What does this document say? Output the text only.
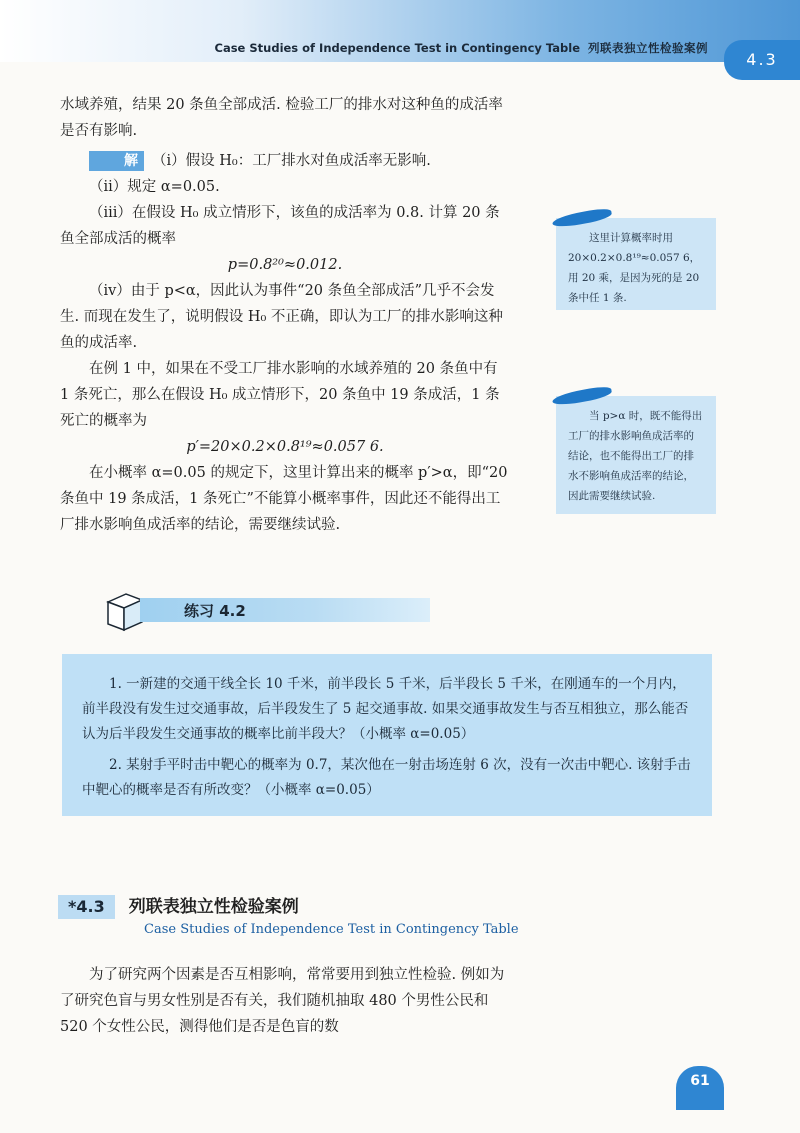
Case Studies of Independence Test in Contingency Table 列联表独立性检验案例
4.3

水域养殖，结果 20 条鱼全部成活. 检验工厂的排水对这种鱼的成活率是否有影响.

解 （ⅰ）假设 H₀：工厂排水对鱼成活率无影响.

（ⅱ）规定 α=0.05.

（ⅲ）在假设 H₀ 成立情形下，该鱼的成活率为 0.8. 计算 20 条鱼全部成活的概率

p=0.8²⁰≈0.012.

（ⅳ）由于 p<α，因此认为事件“20 条鱼全部成活”几乎不会发生. 而现在发生了，说明假设 H₀ 不正确，即认为工厂的排水影响这种鱼的成活率.

在例 1 中，如果在不受工厂排水影响的水域养殖的 20 条鱼中有 1 条死亡，那么在假设 H₀ 成立情形下，20 条鱼中 19 条成活，1 条死亡的概率为

p′=20×0.2×0.8¹⁹≈0.057 6.

在小概率 α=0.05 的规定下，这里计算出来的概率 p′>α，即“20 条鱼中 19 条成活，1 条死亡”不能算小概率事件，因此还不能得出工厂排水影响鱼成活率的结论，需要继续试验.

这里计算概率时用 20×0.2×0.8¹⁹≈0.057 6，用 20 乘，是因为死的是 20 条中任 1 条.
当 p>α 时，既不能得出工厂的排水影响鱼成活率的结论，也不能得出工厂的排水不影响鱼成活率的结论，因此需要继续试验.
练习 4.2

1. 一新建的交通干线全长 10 千米，前半段长 5 千米，后半段长 5 千米，在刚通车的一个月内，前半段没有发生过交通事故，后半段发生了 5 起交通事故. 如果交通事故发生与否互相独立，那么能否认为后半段发生交通事故的概率比前半段大？（小概率 α=0.05）

2. 某射手平时击中靶心的概率为 0.7，某次他在一射击场连射 6 次，没有一次击中靶心. 该射手击中靶心的概率是否有所改变？（小概率 α=0.05）

*4.3 列联表独立性检验案例
Case Studies of Independence Test in Contingency Table

为了研究两个因素是否互相影响，常常要用到独立性检验. 例如为了研究色盲与男女性别是否有关，我们随机抽取 480 个男性公民和 520 个女性公民，测得他们是否是色盲的数

61
